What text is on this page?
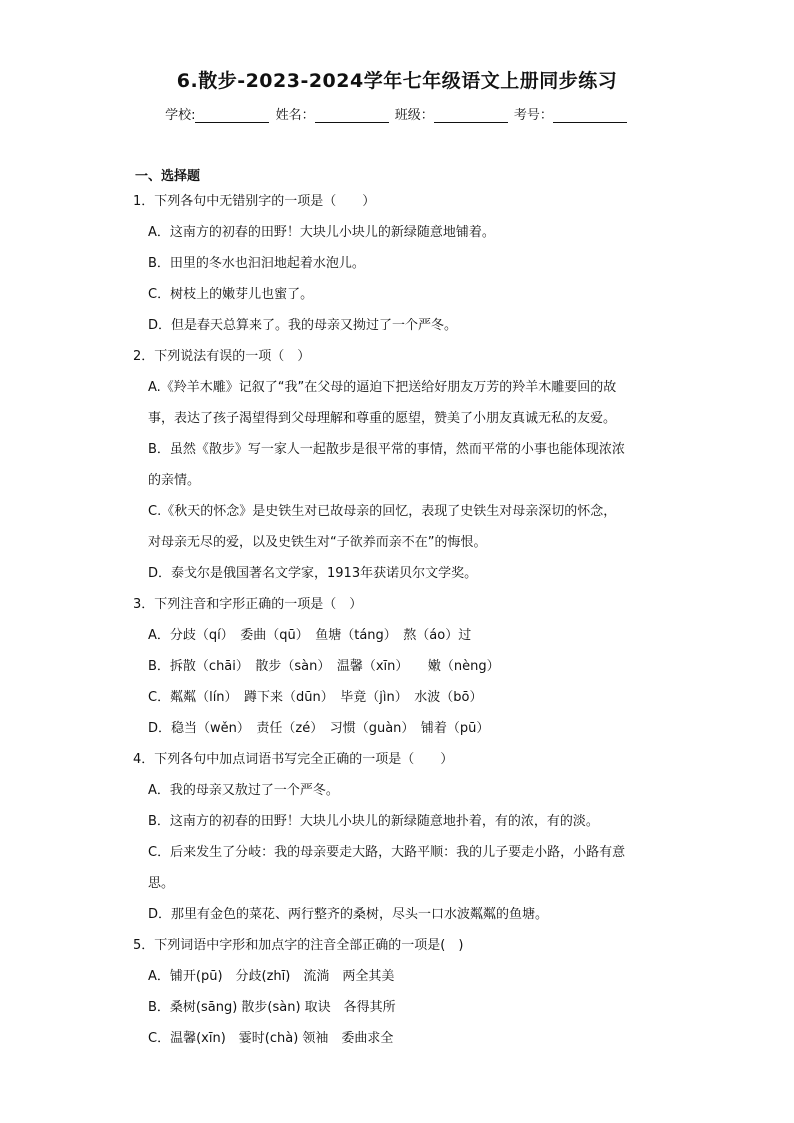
6.散步-2023-2024学年七年级语文上册同步练习
学校:	姓名：	班级：	考号：
一、选择题
1．下列各句中无错别字的一项是（　　）
A．这南方的初春的田野！大块儿小块儿的新绿随意地铺着。
B．田里的冬水也汩汩地起着水泡儿。
C．树枝上的嫩芽儿也蜜了。
D．但是春天总算来了。我的母亲又拗过了一个严冬。
2．下列说法有误的一项（　）
A.《羚羊木雕》记叙了“我”在父母的逼迫下把送给好朋友万芳的羚羊木雕要回的故
事，表达了孩子渴望得到父母理解和尊重的愿望，赞美了小朋友真诚无私的友爱。
B．虽然《散步》写一家人一起散步是很平常的事情，然而平常的小事也能体现浓浓
的亲情。
C.《秋天的怀念》是史铁生对已故母亲的回忆，表现了史铁生对母亲深切的怀念，
对母亲无尽的爱，以及史铁生对“子欲养而亲不在”的悔恨。
D．泰戈尔是俄国著名文学家，1913年获诺贝尔文学奖。
3．下列注音和字形正确的一项是（　）
A．分歧（qí）　委曲（qū）　鱼塘（táng）　熬（áo）过
B．拆散（chāi）　散步（sàn）　温馨（xīn）　　嫩（nèng）
C．粼粼（lín）　蹲下来（dūn）　毕竟（jìn）　水波（bō）
D．稳当（wěn）　责任（zé）　习惯（guàn）　铺着（pū）
4．下列各句中加点词语书写完全正确的一项是（　　）
A．我的母亲又敖过了一个严冬。
B．这南方的初春的田野！大块儿小块儿的新绿随意地扑着，有的浓，有的淡。
C．后来发生了分岐：我的母亲要走大路，大路平顺：我的儿子要走小路，小路有意
思。
D．那里有金色的菜花、两行整齐的桑树，尽头一口水波粼粼的鱼塘。
5．下列词语中字形和加点字的注音全部正确的一项是(　)
A．铺开(pū)　分歧(zhī)　流淌　两全其美
B．桑树(sāng) 散步(sàn) 取诀　各得其所
C．温馨(xīn)　霎时(chà) 领袖　委曲求全
